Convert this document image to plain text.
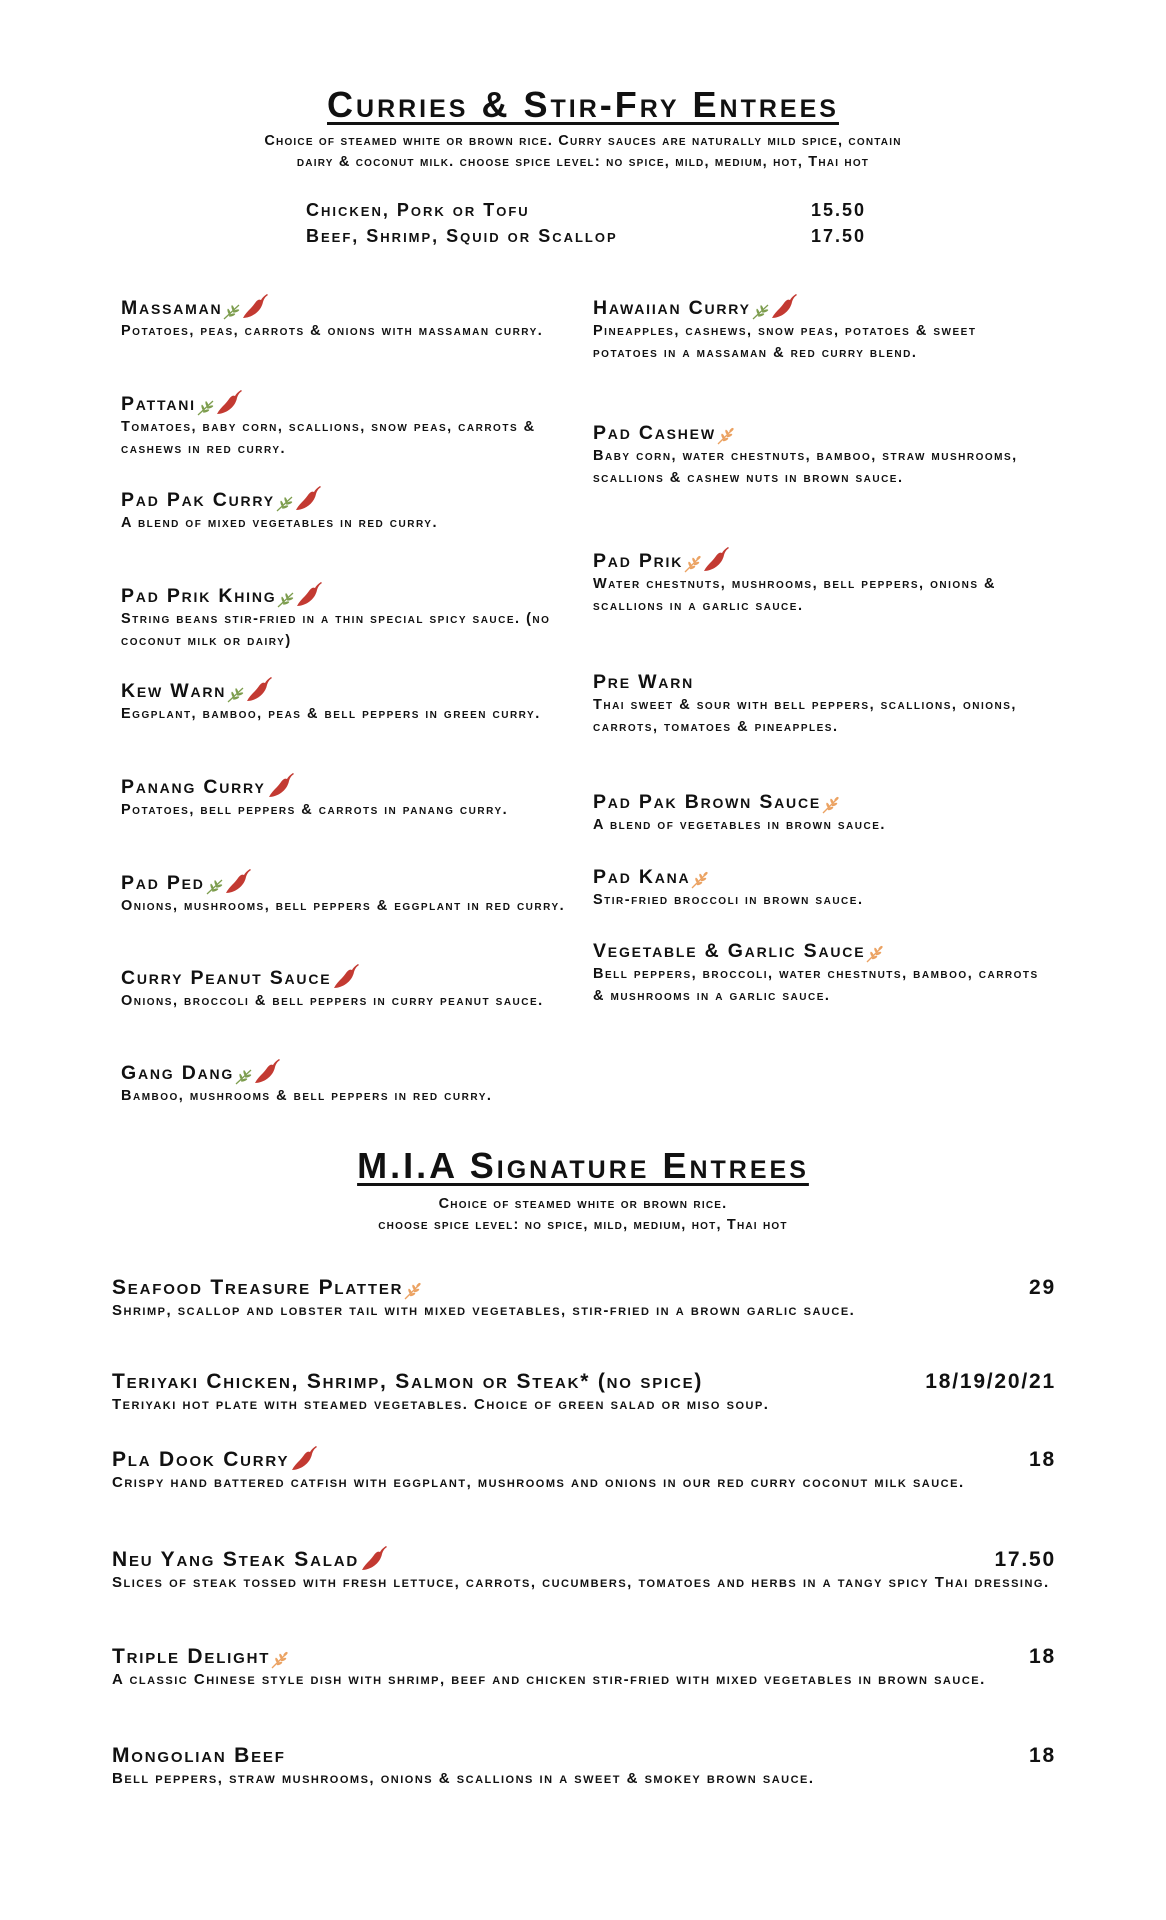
Curries & Stir-Fry Entrees
Choice of steamed white or brown rice. Curry sauces are naturally mild spice, contain
dairy & coconut milk. choose spice level: no spice, mild, medium, hot, Thai hot
Chicken, Pork or Tofu	15.50
Beef, Shrimp, Squid or Scallop	17.50
Massaman
Potatoes, peas, carrots & onions with massaman curry.
Pattani
Tomatoes, baby corn, scallions, snow peas, carrots & cashews in red curry.
Pad Pak Curry
A blend of mixed vegetables in red curry.
Pad Prik Khing
String beans stir-fried in a thin special spicy sauce. (no coconut milk or dairy)
Kew Warn
Eggplant, bamboo, peas & bell peppers in green curry.
Panang Curry
Potatoes, bell peppers & carrots in panang curry.
Pad Ped
Onions, mushrooms, bell peppers & eggplant in red curry.
Curry Peanut Sauce
Onions, broccoli & bell peppers in curry peanut sauce.
Gang Dang
Bamboo, mushrooms & bell peppers in red curry.
Hawaiian Curry
Pineapples, cashews, snow peas, potatoes & sweet potatoes in a massaman & red curry blend.
Pad Cashew
Baby corn, water chestnuts, bamboo, straw mushrooms, scallions & cashew nuts in brown sauce.
Pad Prik
Water chestnuts, mushrooms, bell peppers, onions & scallions in a garlic sauce.
Pre Warn
Thai sweet & sour with bell peppers, scallions, onions, carrots, tomatoes & pineapples.
Pad Pak Brown Sauce
A blend of vegetables in brown sauce.
Pad Kana
Stir-fried broccoli in brown sauce.
Vegetable & Garlic Sauce
Bell peppers, broccoli, water chestnuts, bamboo, carrots & mushrooms in a garlic sauce.
M.I.A Signature Entrees
Choice of steamed white or brown rice.
choose spice level: no spice, mild, medium, hot, Thai hot
Seafood Treasure Platter	29
Shrimp, scallop and lobster tail with mixed vegetables, stir-fried in a brown garlic sauce.
Teriyaki Chicken, Shrimp, Salmon or Steak* (no spice)	18/19/20/21
Teriyaki hot plate with steamed vegetables. Choice of green salad or miso soup.
Pla Dook Curry	18
Crispy hand battered catfish with eggplant, mushrooms and onions in our red curry coconut milk sauce.
Neu Yang Steak Salad	17.50
Slices of steak tossed with fresh lettuce, carrots, cucumbers, tomatoes and herbs in a tangy spicy Thai dressing.
Triple Delight	18
A classic Chinese style dish with shrimp, beef and chicken stir-fried with mixed vegetables in brown sauce.
Mongolian Beef	18
Bell peppers, straw mushrooms, onions & scallions in a sweet & smokey brown sauce.
